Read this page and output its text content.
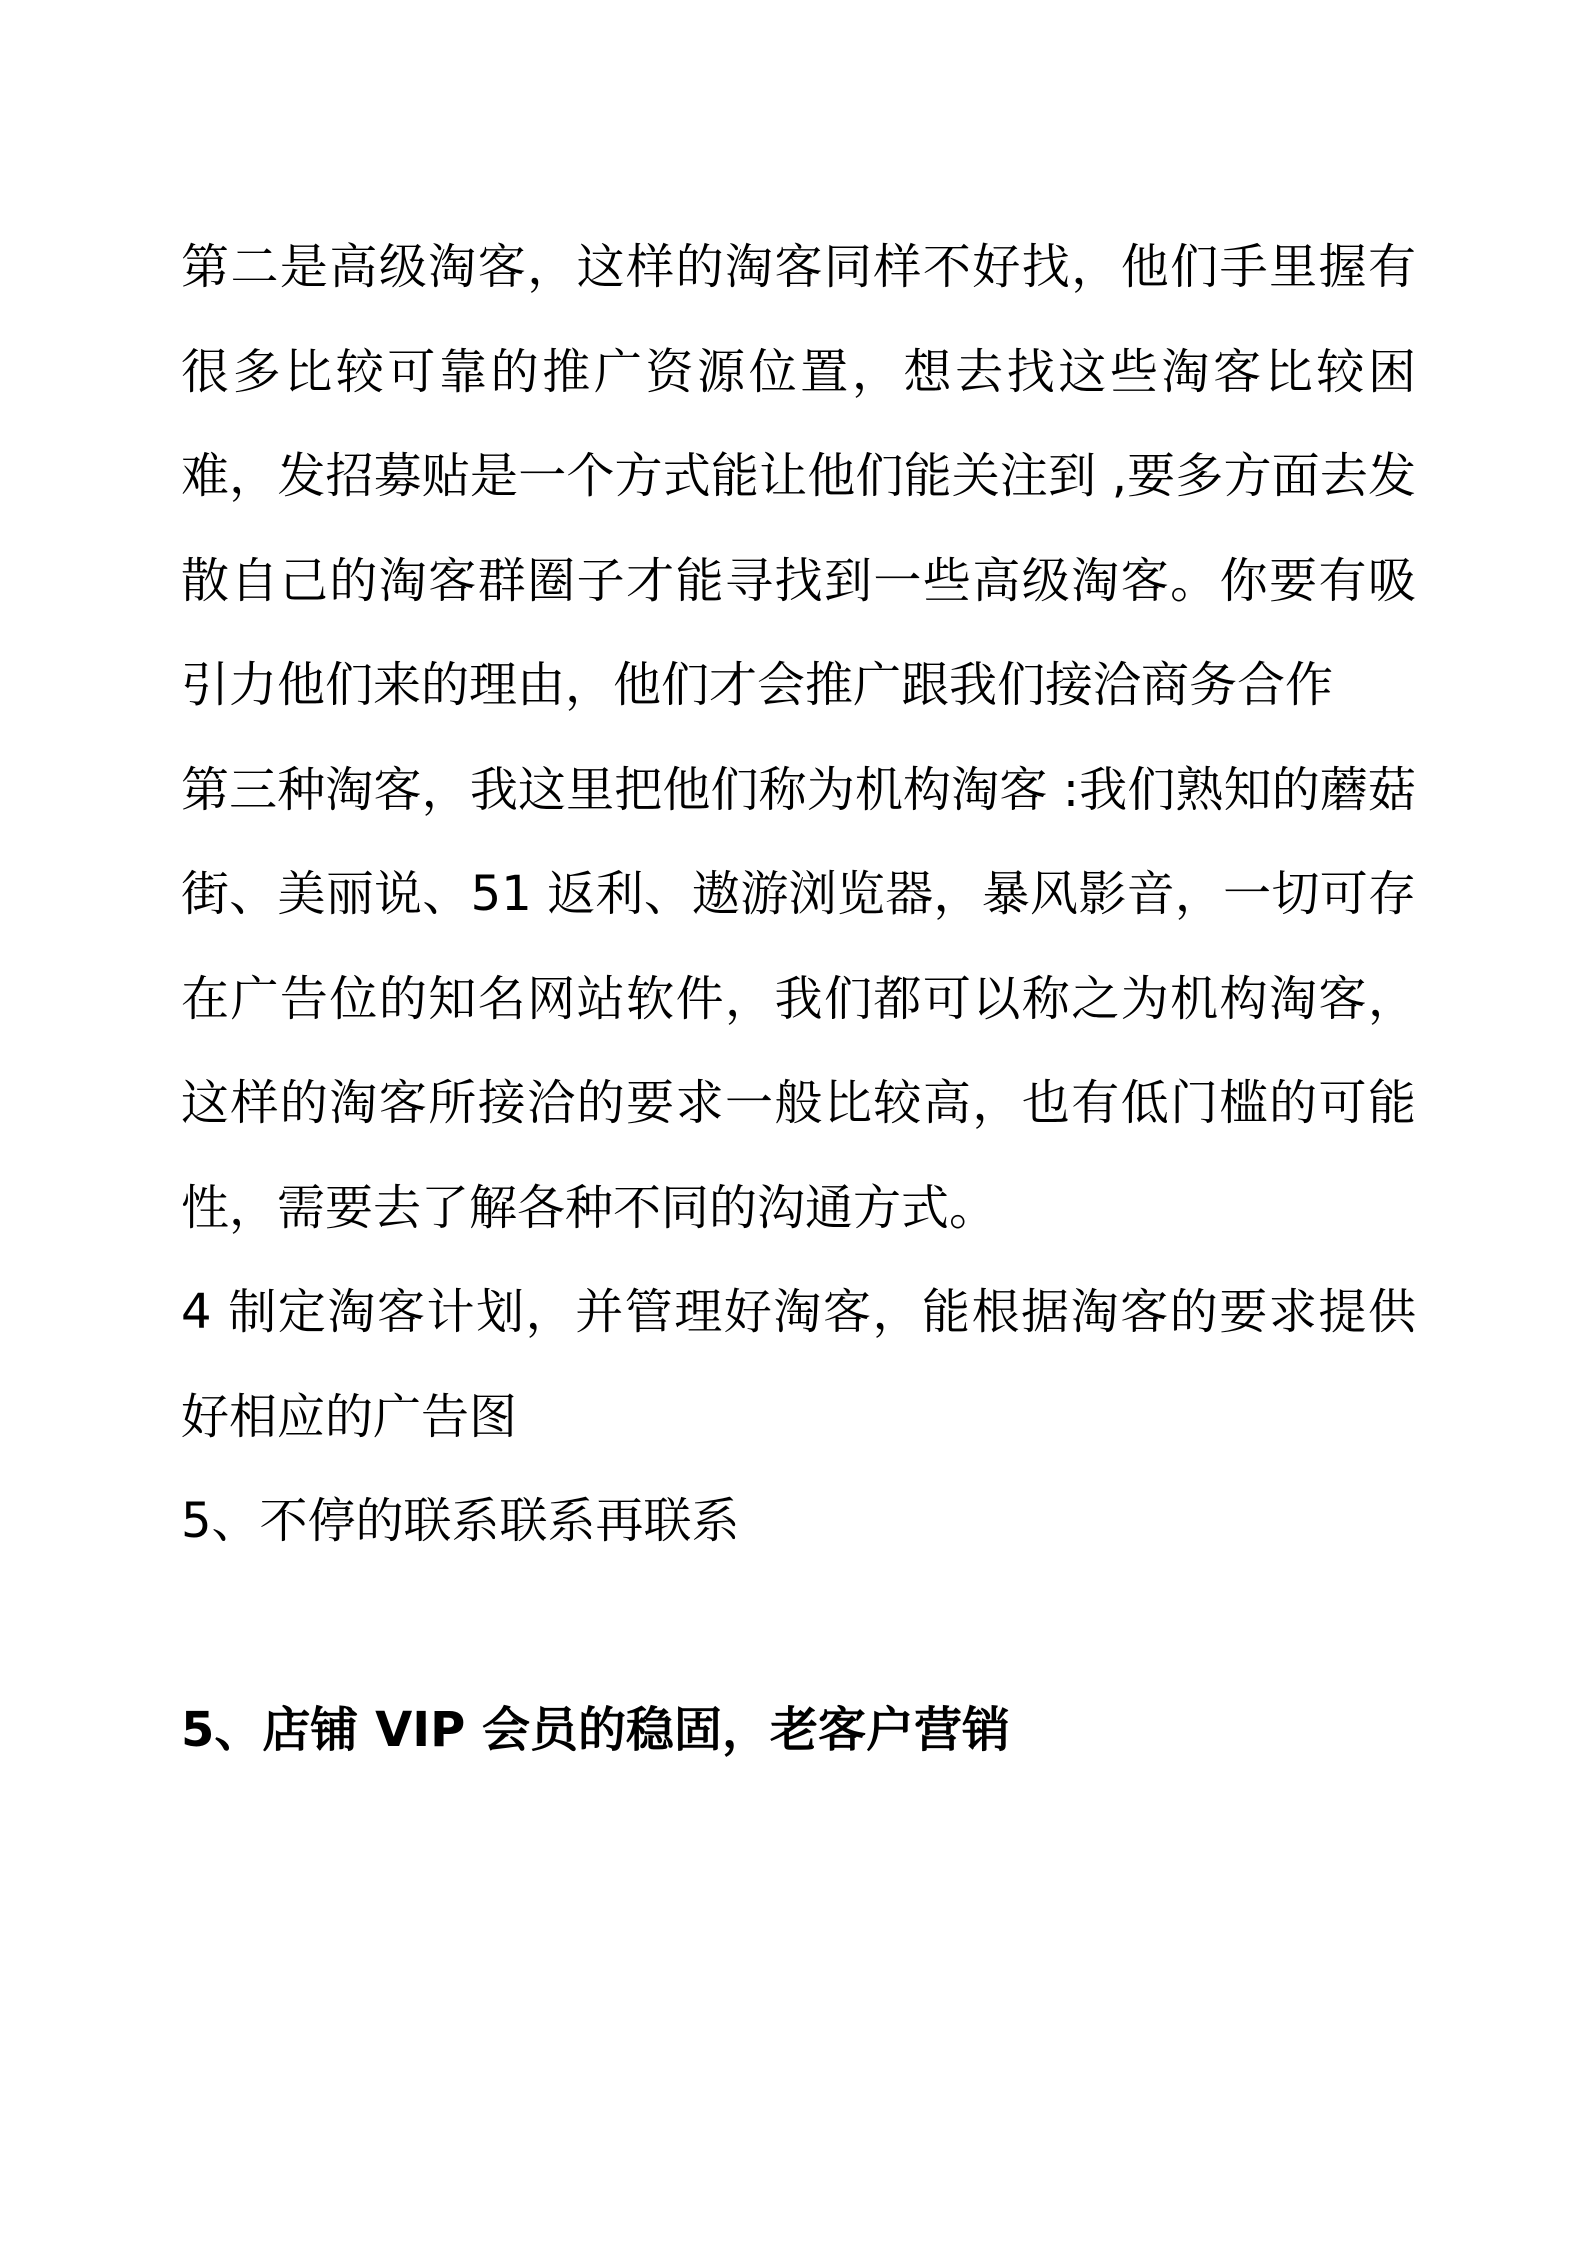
第二是高级淘客，这样的淘客同样不好找，他们手里握有很多比较可靠的推广资源位置，想去找这些淘客比较困难，发招募贴是一个方式能让他们能关注到 ,要多方面去发散自己的淘客群圈子才能寻找到一些高级淘客。你要有吸引力他们来的理由，他们才会推广跟我们接洽商务合作

第三种淘客，我这里把他们称为机构淘客 :我们熟知的蘑菇街、美丽说、51 返利、遨游浏览器，暴风影音，一切可存在广告位的知名网站软件，我们都可以称之为机构淘客，这样的淘客所接洽的要求一般比较高，也有低门槛的可能性，需要去了解各种不同的沟通方式。

4 制定淘客计划，并管理好淘客，能根据淘客的要求提供好相应的广告图

5、不停的联系联系再联系

5、店铺 VIP 会员的稳固，老客户营销
